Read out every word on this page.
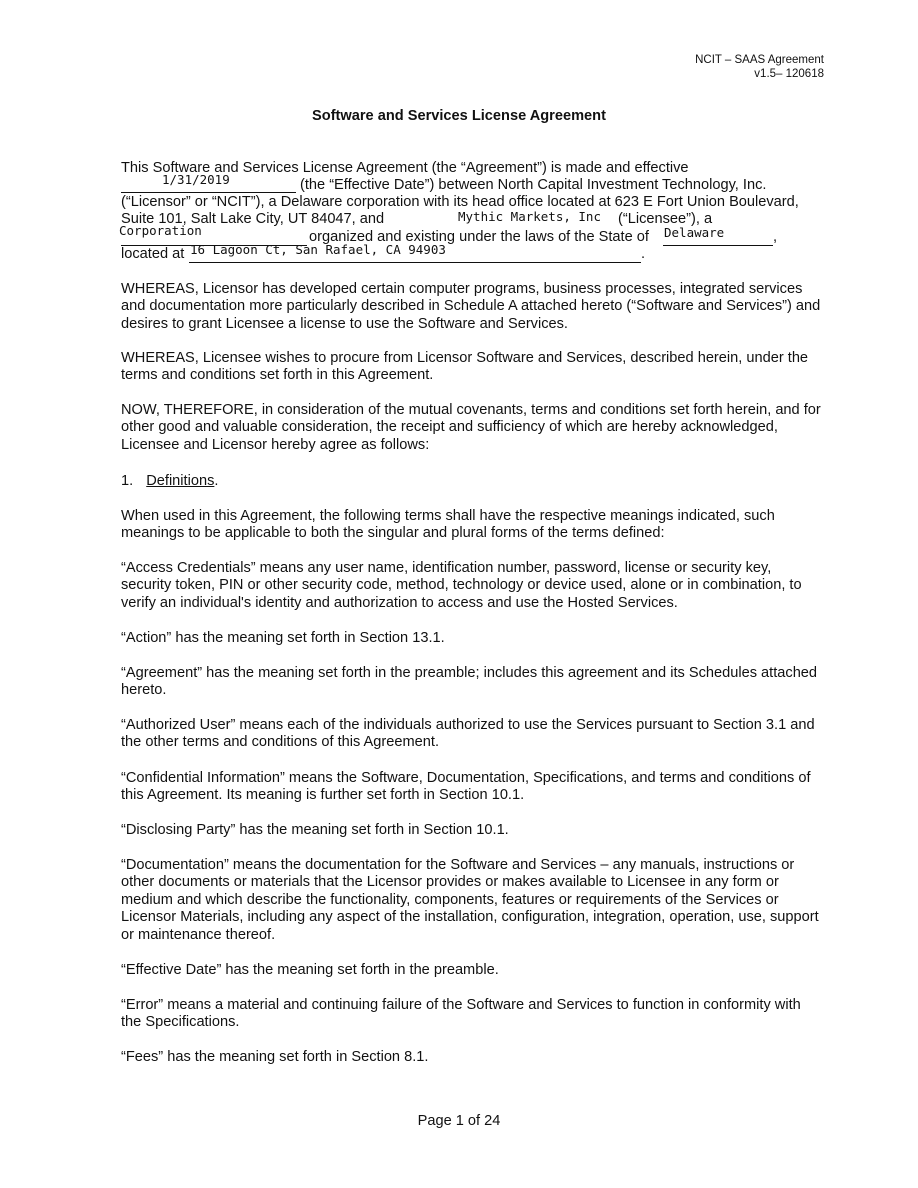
NCIT – SAAS Agreement
v1.5– 120618
Software and Services License Agreement
This Software and Services License Agreement (the “Agreement”) is made and effective
1/31/2019	(the “Effective Date”) between North Capital Investment Technology, Inc.
(“Licensor” or “NCIT”), a Delaware corporation with its head office located at 623 E Fort Union Boulevard,
Suite 101, Salt Lake City, UT 84047, and	Mythic Markets, Inc (“Licensee”), a
Corporation	organized and existing under the laws of the State of Delaware	,
located at 16 Lagoon Ct, San Rafael, CA 94903	.
WHEREAS, Licensor has developed certain computer programs, business processes, integrated services and documentation more particularly described in Schedule A attached hereto (“Software and Services”) and desires to grant Licensee a license to use the Software and Services.
WHEREAS, Licensee wishes to procure from Licensor Software and Services, described herein, under the terms and conditions set forth in this Agreement.
NOW, THEREFORE, in consideration of the mutual covenants, terms and conditions set forth herein, and for other good and valuable consideration, the receipt and sufficiency of which are hereby acknowledged, Licensee and Licensor hereby agree as follows:
1. Definitions.
When used in this Agreement, the following terms shall have the respective meanings indicated, such meanings to be applicable to both the singular and plural forms of the terms defined:
“Access Credentials” means any user name, identification number, password, license or security key, security token, PIN or other security code, method, technology or device used, alone or in combination, to verify an individual's identity and authorization to access and use the Hosted Services.
“Action” has the meaning set forth in Section 13.1.
“Agreement” has the meaning set forth in the preamble; includes this agreement and its Schedules attached hereto.
“Authorized User” means each of the individuals authorized to use the Services pursuant to Section 3.1 and the other terms and conditions of this Agreement.
“Confidential Information” means the Software, Documentation, Specifications, and terms and conditions of this Agreement. Its meaning is further set forth in Section 10.1.
“Disclosing Party” has the meaning set forth in Section 10.1.
“Documentation” means the documentation for the Software and Services – any manuals, instructions or other documents or materials that the Licensor provides or makes available to Licensee in any form or medium and which describe the functionality, components, features or requirements of the Services or Licensor Materials, including any aspect of the installation, configuration, integration, operation, use, support or maintenance thereof.
“Effective Date” has the meaning set forth in the preamble.
“Error” means a material and continuing failure of the Software and Services to function in conformity with the Specifications.
“Fees” has the meaning set forth in Section 8.1.
Page 1 of 24
